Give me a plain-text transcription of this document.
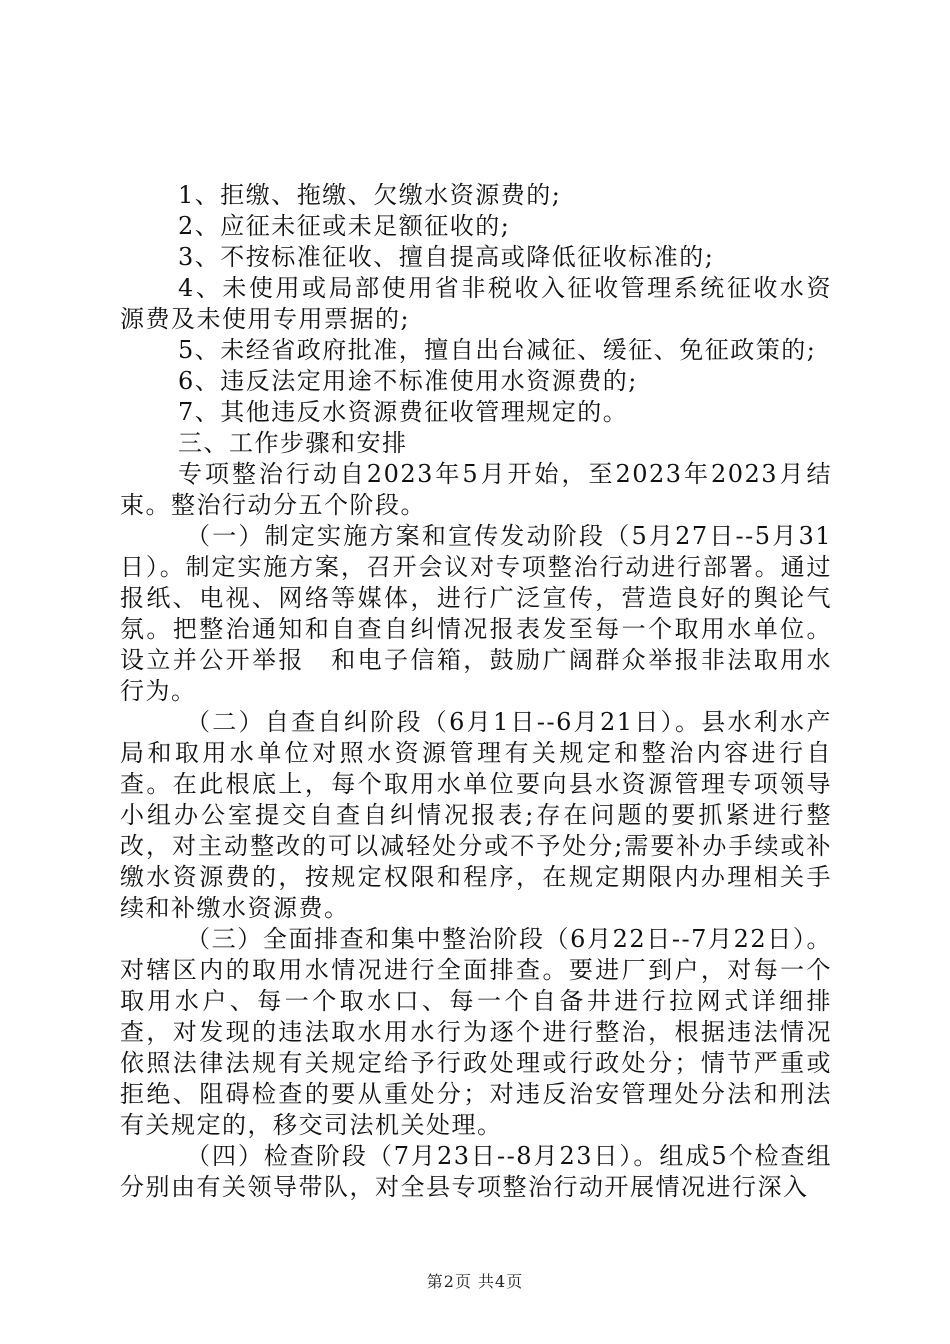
1、拒缴、拖缴、欠缴水资源费的;

2、应征未征或未足额征收的;

3、不按标准征收、擅自提高或降低征收标准的;

4、未使用或局部使用省非税收入征收管理系统征收水资源费及未使用专用票据的;

5、未经省政府批准，擅自出台减征、缓征、免征政策的;

6、违反法定用途不标准使用水资源费的;

7、其他违反水资源费征收管理规定的。

三、工作步骤和安排

专项整治行动自2023年5月开始，至2023年2023月结束。整治行动分五个阶段。

（一）制定实施方案和宣传发动阶段（5月27日--5月31日）。制定实施方案，召开会议对专项整治行动进行部署。通过报纸、电视、网络等媒体，进行广泛宣传，营造良好的舆论气氛。把整治通知和自查自纠情况报表发至每一个取用水单位。设立并公开举报　和电子信箱，鼓励广阔群众举报非法取用水行为。

（二）自查自纠阶段（6月1日--6月21日）。县水利水产局和取用水单位对照水资源管理有关规定和整治内容进行自查。在此根底上，每个取用水单位要向县水资源管理专项领导小组办公室提交自查自纠情况报表;存在问题的要抓紧进行整改，对主动整改的可以减轻处分或不予处分;需要补办手续或补缴水资源费的，按规定权限和程序，在规定期限内办理相关手续和补缴水资源费。

（三）全面排查和集中整治阶段（6月22日--7月22日）。对辖区内的取用水情况进行全面排查。要进厂到户，对每一个取用水户、每一个取水口、每一个自备井进行拉网式详细排查，对发现的违法取水用水行为逐个进行整治，根据违法情况依照法律法规有关规定给予行政处理或行政处分；情节严重或拒绝、阻碍检查的要从重处分；对违反治安管理处分法和刑法有关规定的，移交司法机关处理。

（四）检查阶段（7月23日--8月23日）。组成5个检查组分别由有关领导带队，对全县专项整治行动开展情况进行深入

第2页 共4页
